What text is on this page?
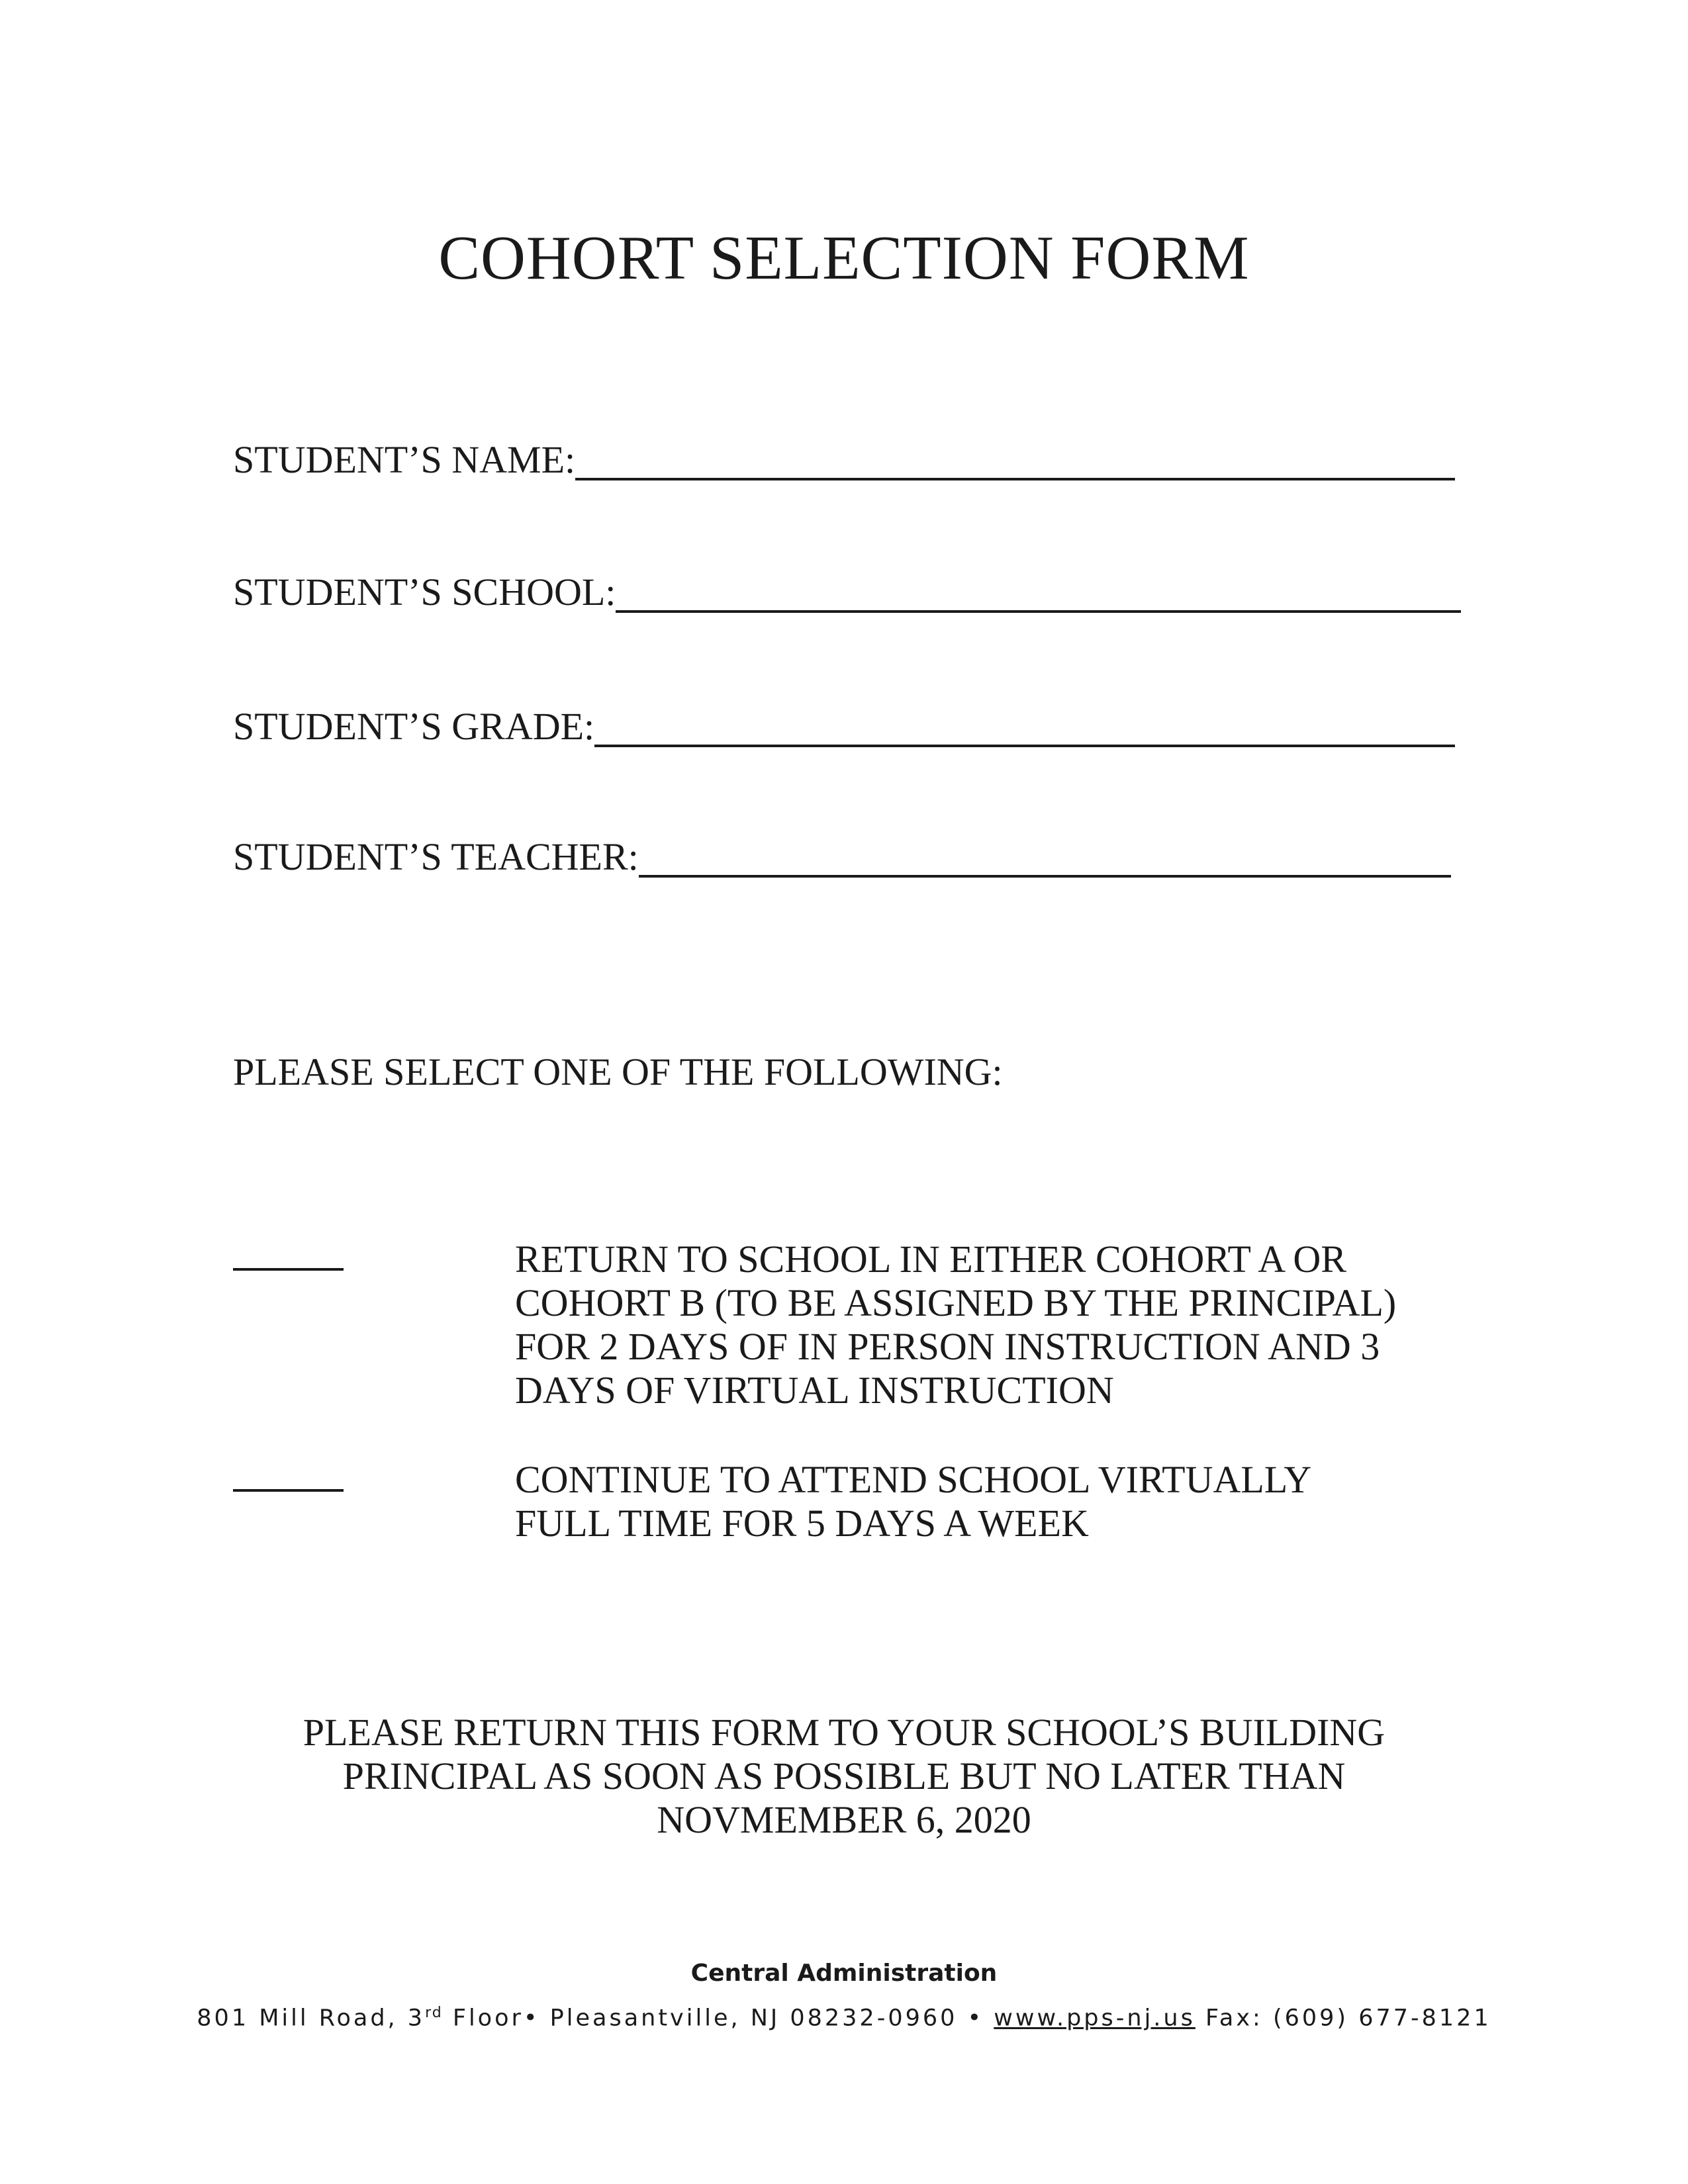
COHORT SELECTION FORM
STUDENT’S NAME:
STUDENT’S SCHOOL:
STUDENT’S GRADE:
STUDENT’S TEACHER:
PLEASE SELECT ONE OF THE FOLLOWING:
RETURN TO SCHOOL IN EITHER COHORT A OR
COHORT B (TO BE ASSIGNED BY THE PRINCIPAL)
FOR 2 DAYS OF IN PERSON INSTRUCTION AND 3
DAYS OF VIRTUAL INSTRUCTION
CONTINUE TO ATTEND SCHOOL VIRTUALLY
FULL TIME FOR 5 DAYS A WEEK
PLEASE RETURN THIS FORM TO YOUR SCHOOL’S BUILDING
PRINCIPAL AS SOON AS POSSIBLE BUT NO LATER THAN
NOVMEMBER 6, 2020
Central Administration
801 Mill Road, 3rd Floor• Pleasantville, NJ 08232-0960 • www.pps-nj.us Fax: (609) 677-8121
